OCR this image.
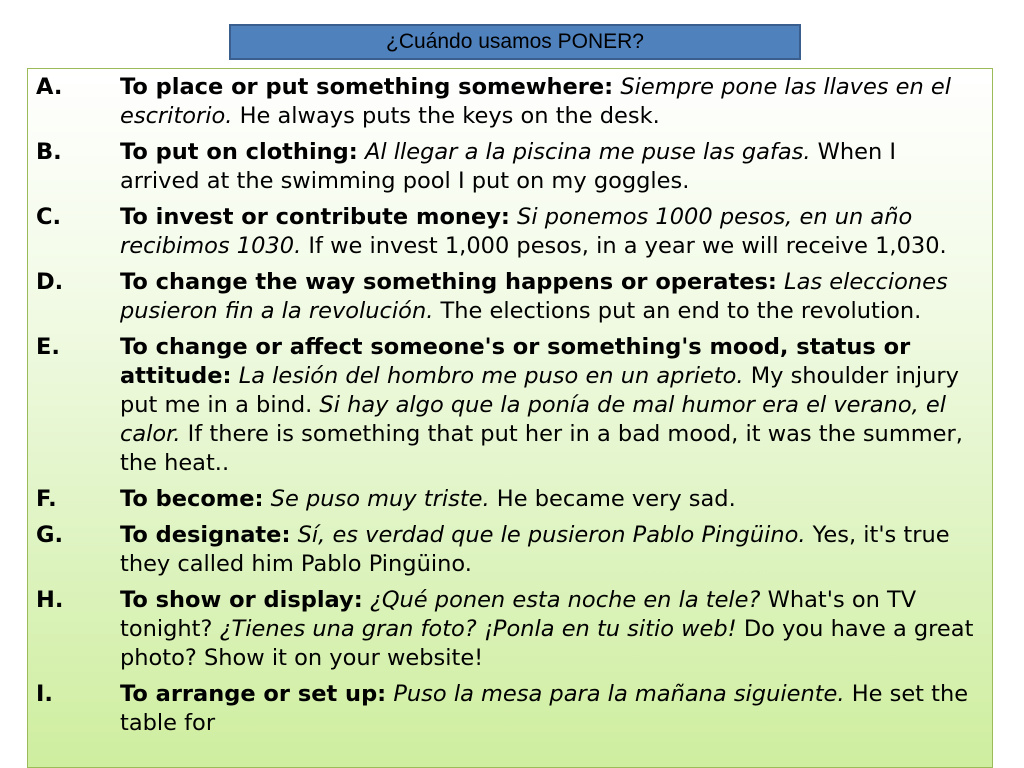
¿Cuándo usamos PONER?
A.	To place or put something somewhere: Siempre pone las llaves en el escritorio. He always puts the keys on the desk.
B.	To put on clothing: Al llegar a la piscina me puse las gafas. When I arrived at the swimming pool I put on my goggles.
C.	To invest or contribute money: Si ponemos 1000 pesos, en un año recibimos 1030. If we invest 1,000 pesos, in a year we will receive 1,030.
D.	To change the way something happens or operates: Las elecciones pusieron fin a la revolución. The elections put an end to the revolution.
E.	To change or affect someone's or something's mood, status or attitude: La lesión del hombro me puso en un aprieto. My shoulder injury put me in a bind. Si hay algo que la ponía de mal humor era el verano, el calor. If there is something that put her in a bad mood, it was the summer, the heat..
F.	To become: Se puso muy triste. He became very sad.
G.	To designate: Sí, es verdad que le pusieron Pablo Pingüino. Yes, it's true they called him Pablo Pingüino.
H.	To show or display: ¿Qué ponen esta noche en la tele? What's on TV tonight? ¿Tienes una gran foto? ¡Ponla en tu sitio web! Do you have a great photo? Show it on your website!
I.	To arrange or set up: Puso la mesa para la mañana siguiente. He set the table for
